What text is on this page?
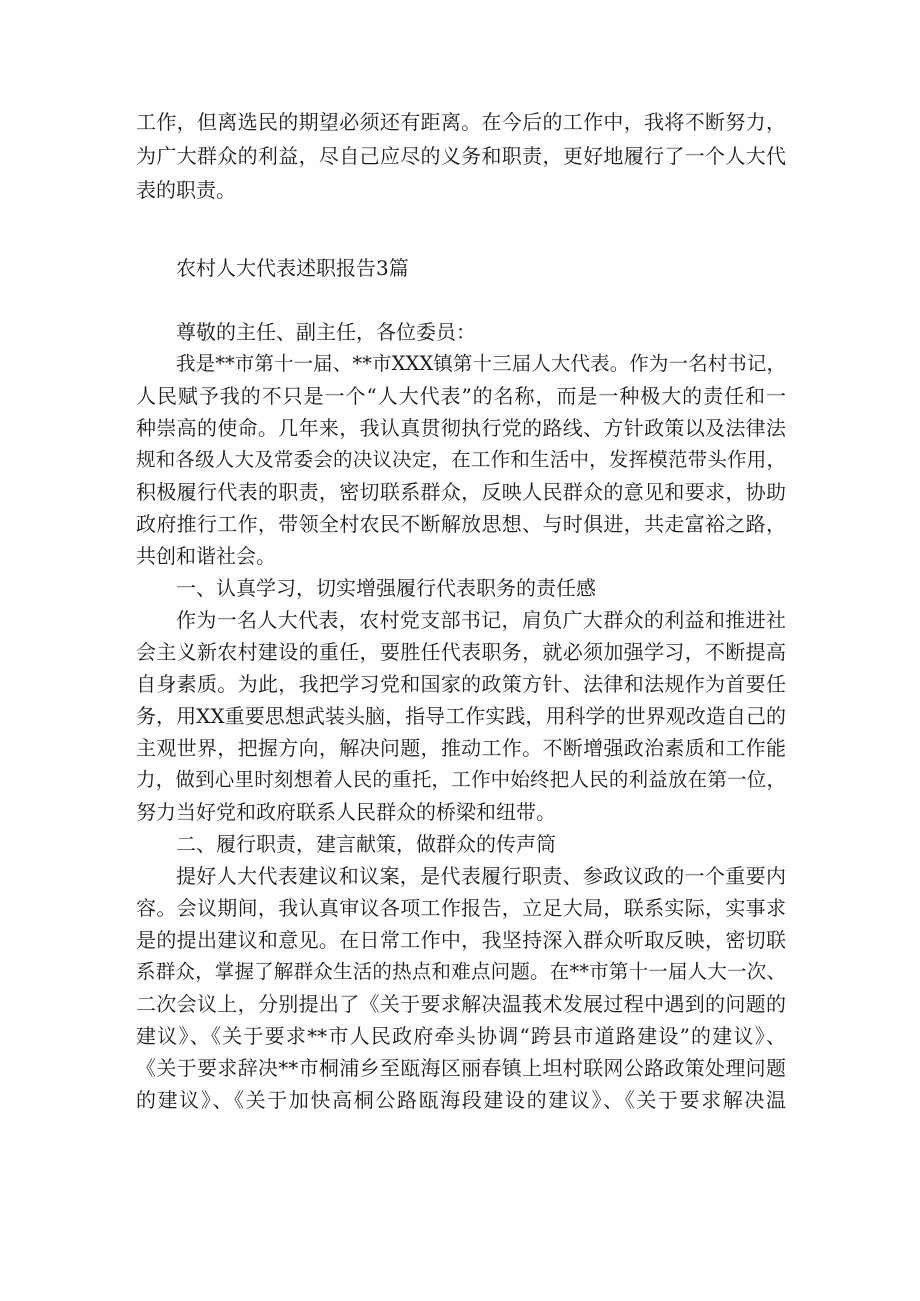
工作，但离选民的期望必须还有距离。在今后的工作中，我将不断努力，
为广大群众的利益，尽自己应尽的义务和职责，更好地履行了一个人大代
表的职责。
农村人大代表述职报告3篇
尊敬的主任、副主任，各位委员：
我是**市第十一届、**市XXX镇第十三届人大代表。作为一名村书记，
人民赋予我的不只是一个“人大代表”的名称，而是一种极大的责任和一
种崇高的使命。几年来，我认真贯彻执行党的路线、方针政策以及法律法
规和各级人大及常委会的决议决定，在工作和生活中，发挥模范带头作用，
积极履行代表的职责，密切联系群众，反映人民群众的意见和要求，协助
政府推行工作，带领全村农民不断解放思想、与时俱进，共走富裕之路，
共创和谐社会。
一、认真学习，切实增强履行代表职务的责任感
作为一名人大代表，农村党支部书记，肩负广大群众的利益和推进社
会主义新农村建设的重任，要胜任代表职务，就必须加强学习，不断提高
自身素质。为此，我把学习党和国家的政策方针、法律和法规作为首要任
务，用XX重要思想武装头脑，指导工作实践，用科学的世界观改造自己的
主观世界，把握方向，解决问题，推动工作。不断增强政治素质和工作能
力，做到心里时刻想着人民的重托，工作中始终把人民的利益放在第一位，
努力当好党和政府联系人民群众的桥梁和纽带。
二、履行职责，建言献策，做群众的传声筒
提好人大代表建议和议案，是代表履行职责、参政议政的一个重要内
容。会议期间，我认真审议各项工作报告，立足大局，联系实际，实事求
是的提出建议和意见。在日常工作中，我坚持深入群众听取反映，密切联
系群众，掌握了解群众生活的热点和难点问题。在**市第十一届人大一次、
二次会议上，分别提出了《关于要求解决温莪术发展过程中遇到的问题的
建议》、《关于要求**市人民政府牵头协调“跨县市道路建设”的建议》、
《关于要求辞决**市桐浦乡至瓯海区丽春镇上坦村联网公路政策处理问题
的建议》、《关于加快高桐公路瓯海段建设的建议》、《关于要求解决温
